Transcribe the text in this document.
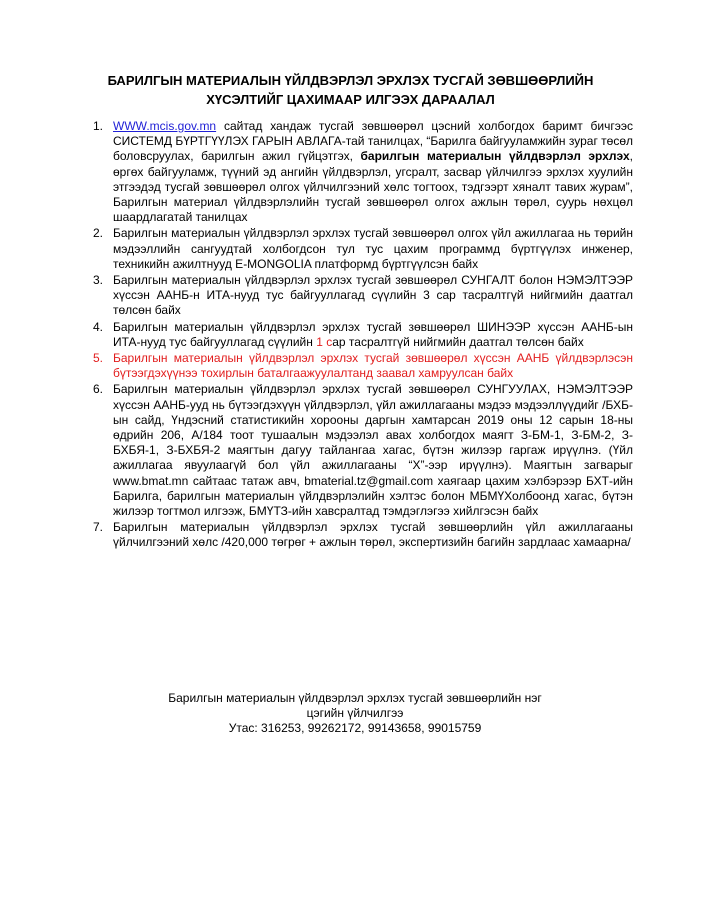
БАРИЛГЫН МАТЕРИАЛЫН ҮЙЛДВЭРЛЭЛ ЭРХЛЭХ ТУСГАЙ ЗӨВШӨӨРЛИЙН
ХҮСЭЛТИЙГ ЦАХИМААР ИЛГЭЭХ ДАРААЛАЛ
1. WWW.mcis.gov.mn сайтад хандаж тусгай зөвшөөрөл цэсний холбогдох баримт бичгээс СИСТЕМД БҮРТГҮҮЛЭХ ГАРЫН АВЛАГА-тай танилцах, “Барилга байгууламжийн зураг төсөл боловсруулах, барилгын ажил гүйцэтгэх, барилгын материалын үйлдвэрлэл эрхлэх, өргөх байгууламж, түүний эд ангийн үйлдвэрлэл, угсралт, засвар үйлчилгээ эрхлэх хуулийн этгээдэд тусгай зөвшөөрөл олгох үйлчилгээний хөлс тогтоох, тэдгээрт хяналт тавих журам”, Барилгын материал үйлдвэрлэлийн тусгай зөвшөөрөл олгох ажлын төрөл, суурь нөхцөл шаардлагатай танилцах
2. Барилгын материалын үйлдвэрлэл эрхлэх тусгай зөвшөөрөл олгох үйл ажиллагаа нь төрийн мэдээллийн сангуудтай холбогдсон тул тус цахим программд бүртгүүлэх инженер, техникийн ажилтнууд E-MONGOLIA платформд бүртгүүлсэн байх
3. Барилгын материалын үйлдвэрлэл эрхлэх тусгай зөвшөөрөл СУНГАЛТ болон НЭМЭЛТЭЭР хүссэн ААНБ-н ИТА-нууд тус байгууллагад сүүлийн 3 сар тасралтгүй нийгмийн даатгал төлсөн байх
4. Барилгын материалын үйлдвэрлэл эрхлэх тусгай зөвшөөрөл ШИНЭЭР хүссэн ААНБ-ын ИТА-нууд тус байгууллагад сүүлийн 1 сар тасралтгүй нийгмийн даатгал төлсөн байх
5. Барилгын материалын үйлдвэрлэл эрхлэх тусгай зөвшөөрөл хүссэн ААНБ үйлдвэрлэсэн бүтээгдэхүүнээ тохирлын баталгаажуулалтанд заавал хамруулсан байх
6. Барилгын материалын үйлдвэрлэл эрхлэх тусгай зөвшөөрөл СУНГУУЛАХ, НЭМЭЛТЭЭР хүссэн ААНБ-ууд нь бүтээгдэхүүн үйлдвэрлэл, үйл ажиллагааны мэдээ мэдээллүүдийг /БХБ-ын сайд, Үндэсний статистикийн хорооны даргын хамтарсан 2019 оны 12 сарын 18-ны өдрийн 206, А/184 тоот тушаалын мэдээлэл авах холбогдох маягт З-БМ-1, З-БМ-2, З-БХБЯ-1, З-БХБЯ-2 маягтын дагуу тайлангаа хагас, бүтэн жилээр гаргаж ирүүлнэ. (Үйл ажиллагаа явуулаагүй бол үйл ажиллагааны “Х”-ээр ирүүлнэ). Маягтын загварыг www.bmat.mn сайтаас татаж авч, bmaterial.tz@gmail.com хаягаар цахим хэлбэрээр БХТ-ийн Барилга, барилгын материалын үйлдвэрлэлийн хэлтэс болон МБМҮХолбоонд хагас, бүтэн жилээр тогтмол илгээж, БМҮТЗ-ийн хавсралтад тэмдэглэгээ хийлгэсэн байх
7. Барилгын материалын үйлдвэрлэл эрхлэх тусгай зөвшөөрлийн үйл ажиллагааны үйлчилгээний хөлс /420,000 төгрөг + ажлын төрөл, экспертизийн багийн зардлаас хамаарна/
Барилгын материалын үйлдвэрлэл эрхлэх тусгай зөвшөөрлийн нэг цэгийн үйлчилгээ
Утас: 316253, 99262172, 99143658, 99015759
